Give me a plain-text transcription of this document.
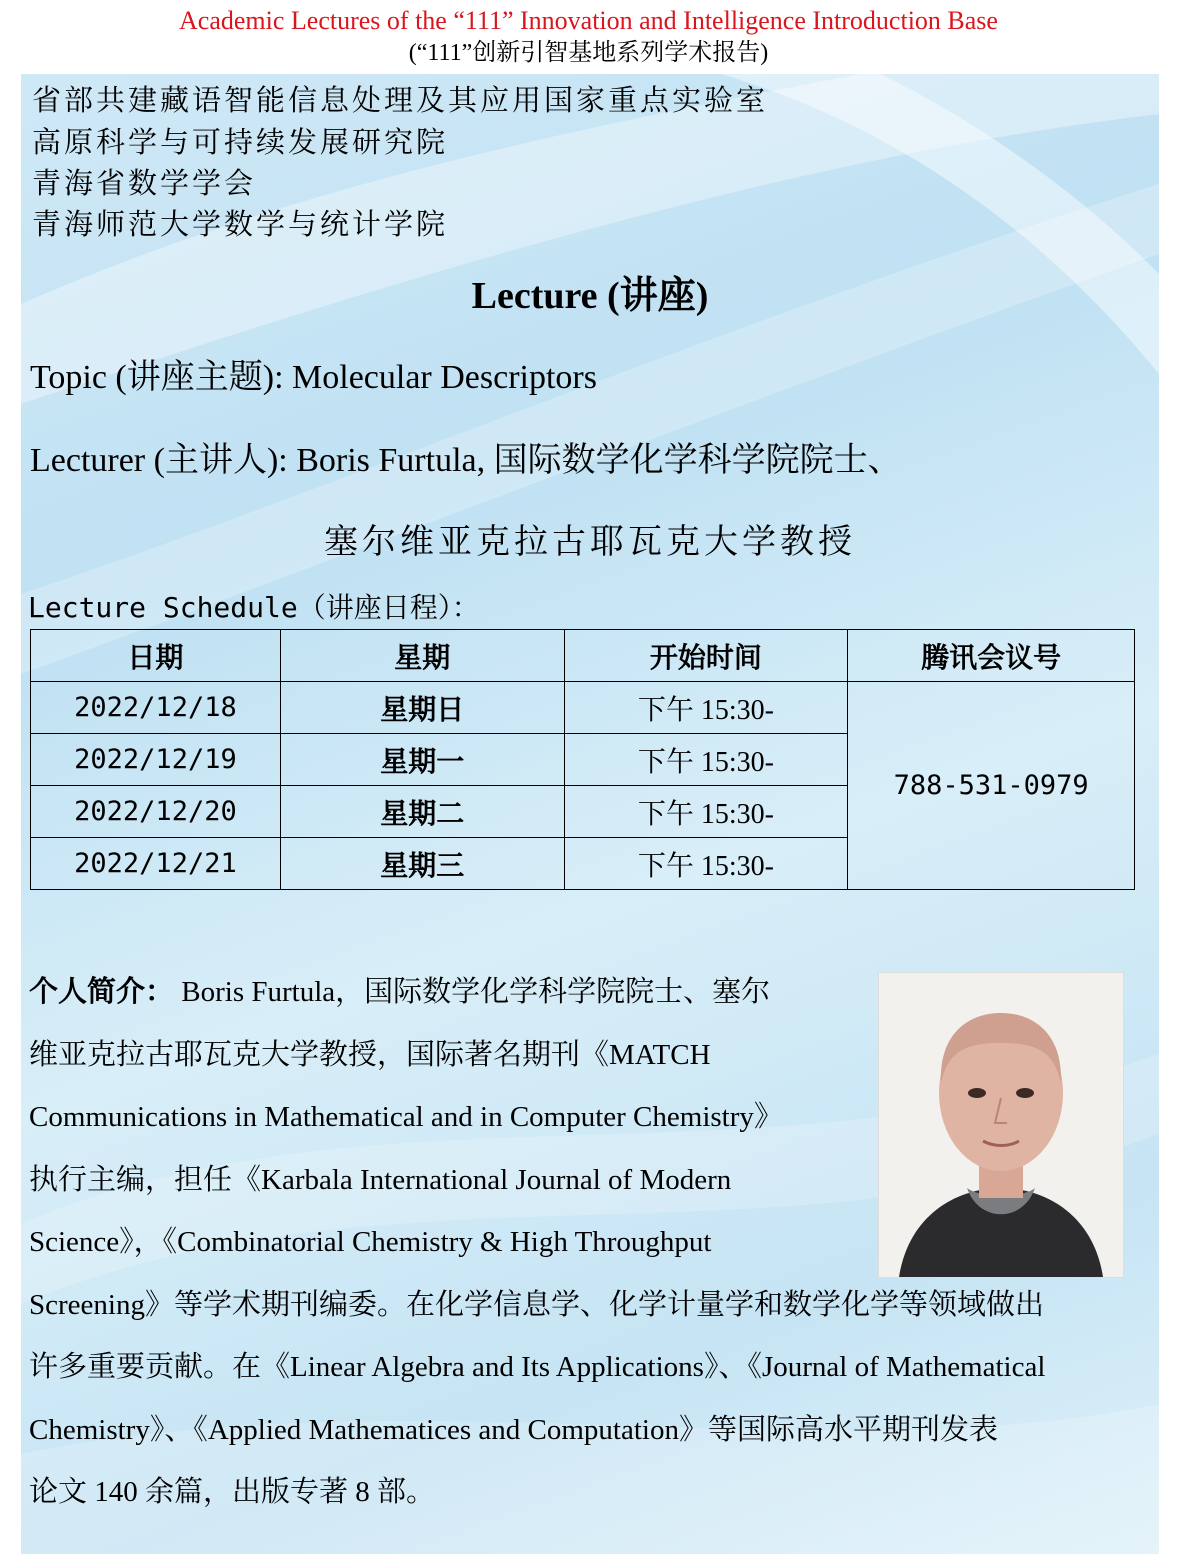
Academic Lectures of the “111” Innovation and Intelligence Introduction Base
(“111”创新引智基地系列学术报告)
省部共建藏语智能信息处理及其应用国家重点实验室
高原科学与可持续发展研究院
青海省数学学会
青海师范大学数学与统计学院
Lecture (讲座)
Topic (讲座主题): Molecular Descriptors
Lecturer (主讲人): Boris Furtula, 国际数学化学科学院院士、
塞尔维亚克拉古耶瓦克大学教授
Lecture Schedule（讲座日程）：
日期	星期	开始时间	腾讯会议号
2022/12/18	星期日	下午 15:30-	788-531-0979
2022/12/19	星期一	下午 15:30-	
2022/12/20	星期二	下午 15:30-	
2022/12/21	星期三	下午 15:30-	
个人简介： Boris Furtula，国际数学化学科学院院士、塞尔
维亚克拉古耶瓦克大学教授，国际著名期刊《MATCH
Communications in Mathematical and in Computer Chemistry》
执行主编，担任《Karbala International Journal of Modern
Science》，《Combinatorial Chemistry & High Throughput
Screening》等学术期刊编委。在化学信息学、化学计量学和数学化学等领域做出
许多重要贡献。在《Linear Algebra and Its Applications》、《Journal of Mathematical
Chemistry》、《Applied Mathematices and Computation》等国际高水平期刊发表
论文 140 余篇，出版专著 8 部。
